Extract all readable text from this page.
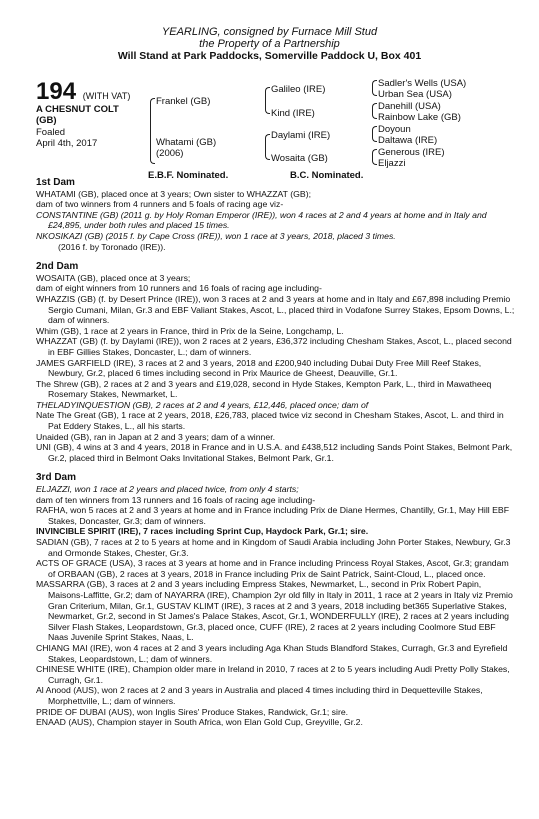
YEARLING, consigned by Furnace Mill Stud
the Property of a Partnership
Will Stand at Park Paddocks, Somerville Paddock U, Box 401
194 (WITH VAT)
A CHESNUT COLT
(GB)
Foaled
April 4th, 2017
Frankel (GB)
Whatami (GB)
(2006)
Galileo (IRE)
Kind (IRE)
Daylami (IRE)
Wosaita (GB)
Sadler's Wells (USA)
Urban Sea (USA)
Danehill (USA)
Rainbow Lake (GB)
Doyoun
Daltawa (IRE)
Generous (IRE)
Eljazzi
E.B.F. Nominated.	B.C. Nominated.

1st Dam

WHATAMI (GB), placed once at 3 years; Own sister to WHAZZAT (GB);

dam of two winners from 4 runners and 5 foals of racing age viz-

CONSTANTINE (GB) (2011 g. by Holy Roman Emperor (IRE)), won 4 races at 2 and 4 years at home and in Italy and £24,895, under both rules and placed 15 times.

NKOSIKAZI (GB) (2015 f. by Cape Cross (IRE)), won 1 race at 3 years, 2018, placed 3 times.

(2016 f. by Toronado (IRE)).

2nd Dam

WOSAITA (GB), placed once at 3 years;

dam of eight winners from 10 runners and 16 foals of racing age including-

WHAZZIS (GB) (f. by Desert Prince (IRE)), won 3 races at 2 and 3 years at home and in Italy and £67,898 including Premio Sergio Cumani, Milan, Gr.3 and EBF Valiant Stakes, Ascot, L., placed third in Vodafone Surrey Stakes, Epsom Downs, L.; dam of winners.

Whim (GB), 1 race at 2 years in France, third in Prix de la Seine, Longchamp, L.

WHAZZAT (GB) (f. by Daylami (IRE)), won 2 races at 2 years, £36,372 including Chesham Stakes, Ascot, L., placed second in EBF Gillies Stakes, Doncaster, L.; dam of winners.

JAMES GARFIELD (IRE), 3 races at 2 and 3 years, 2018 and £200,940 including Dubai Duty Free Mill Reef Stakes, Newbury, Gr.2, placed 6 times including second in Prix Maurice de Gheest, Deauville, Gr.1.

The Shrew (GB), 2 races at 2 and 3 years and £19,028, second in Hyde Stakes, Kempton Park, L., third in Mawatheeq Rosemary Stakes, Newmarket, L.

THELADYINQUESTION (GB), 2 races at 2 and 4 years, £12,446, placed once; dam of

Nate The Great (GB), 1 race at 2 years, 2018, £26,783, placed twice viz second in Chesham Stakes, Ascot, L. and third in Pat Eddery Stakes, L., all his starts.

Unaided (GB), ran in Japan at 2 and 3 years; dam of a winner.

UNI (GB), 4 wins at 3 and 4 years, 2018 in France and in U.S.A. and £438,512 including Sands Point Stakes, Belmont Park, Gr.2, placed third in Belmont Oaks Invitational Stakes, Belmont Park, Gr.1.

3rd Dam

ELJAZZI, won 1 race at 2 years and placed twice, from only 4 starts;

dam of ten winners from 13 runners and 16 foals of racing age including-

RAFHA, won 5 races at 2 and 3 years at home and in France including Prix de Diane Hermes, Chantilly, Gr.1, May Hill EBF Stakes, Doncaster, Gr.3; dam of winners.

INVINCIBLE SPIRIT (IRE), 7 races including Sprint Cup, Haydock Park, Gr.1; sire.

SADIAN (GB), 7 races at 2 to 5 years at home and in Kingdom of Saudi Arabia including John Porter Stakes, Newbury, Gr.3 and Ormonde Stakes, Chester, Gr.3.

ACTS OF GRACE (USA), 3 races at 3 years at home and in France including Princess Royal Stakes, Ascot, Gr.3; grandam of ORBAAN (GB), 2 races at 3 years, 2018 in France including Prix de Saint Patrick, Saint-Cloud, L., placed once.

MASSARRA (GB), 3 races at 2 and 3 years including Empress Stakes, Newmarket, L., second in Prix Robert Papin, Maisons-Laffitte, Gr.2; dam of NAYARRA (IRE), Champion 2yr old filly in Italy in 2011, 1 race at 2 years in Italy viz Premio Gran Criterium, Milan, Gr.1, GUSTAV KLIMT (IRE), 3 races at 2 and 3 years, 2018 including bet365 Superlative Stakes, Newmarket, Gr.2, second in St James's Palace Stakes, Ascot, Gr.1, WONDERFULLY (IRE), 2 races at 2 years including Silver Flash Stakes, Leopardstown, Gr.3, placed once, CUFF (IRE), 2 races at 2 years including Coolmore Stud EBF Naas Juvenile Sprint Stakes, Naas, L.

CHIANG MAI (IRE), won 4 races at 2 and 3 years including Aga Khan Studs Blandford Stakes, Curragh, Gr.3 and Eyrefield Stakes, Leopardstown, L.; dam of winners.

CHINESE WHITE (IRE), Champion older mare in Ireland in 2010, 7 races at 2 to 5 years including Audi Pretty Polly Stakes, Curragh, Gr.1.

Al Anood (AUS), won 2 races at 2 and 3 years in Australia and placed 4 times including third in Dequetteville Stakes, Morphettville, L.; dam of winners.

PRIDE OF DUBAI (AUS), won Inglis Sires' Produce Stakes, Randwick, Gr.1; sire.

ENAAD (AUS), Champion stayer in South Africa, won Elan Gold Cup, Greyville, Gr.2.
